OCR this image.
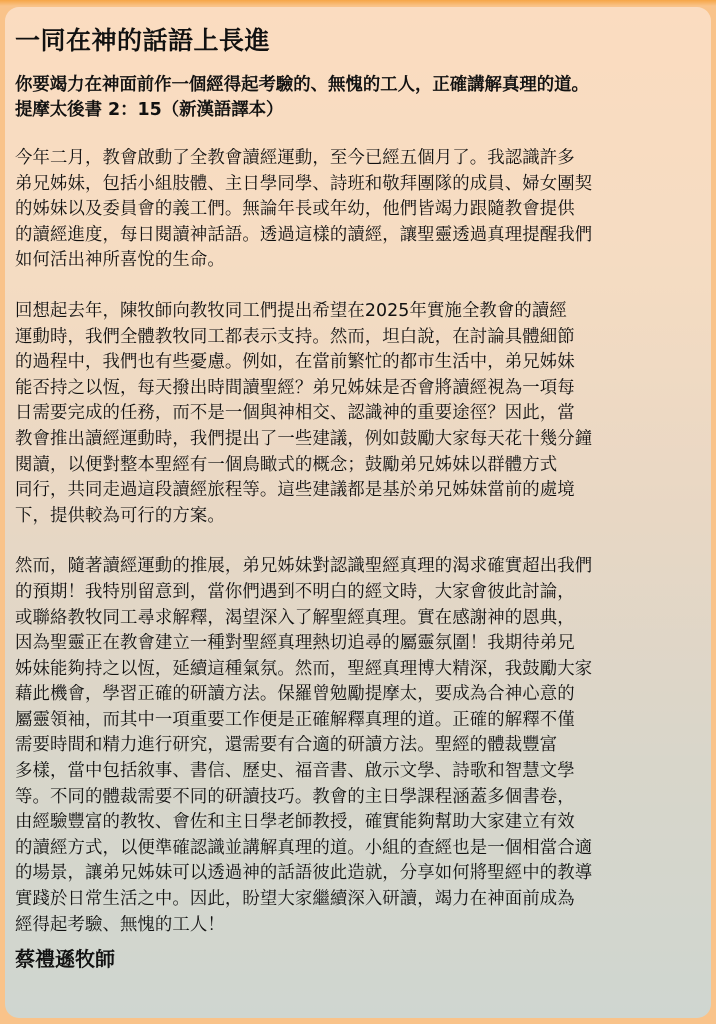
一同在神的話語上長進
你要竭力在神面前作一個經得起考驗的、無愧的工人，正確講解真理的道。
提摩太後書 2：15（新漢語譯本）
今年二月，教會啟動了全教會讀經運動，至今已經五個月了。我認識許多
弟兄姊妹，包括小組肢體、主日學同學、詩班和敬拜團隊的成員、婦女團契
的姊妹以及委員會的義工們。無論年長或年幼，他們皆竭力跟隨教會提供
的讀經進度，每日閱讀神話語。透過這樣的讀經，讓聖靈透過真理提醒我們
如何活出神所喜悅的生命。
回想起去年，陳牧師向教牧同工們提出希望在2025年實施全教會的讀經
運動時，我們全體教牧同工都表示支持。然而，坦白說，在討論具體細節
的過程中，我們也有些憂慮。例如，在當前繁忙的都市生活中，弟兄姊妹
能否持之以恆，每天撥出時間讀聖經？弟兄姊妹是否會將讀經視為一項每
日需要完成的任務，而不是一個與神相交、認識神的重要途徑？因此，當
教會推出讀經運動時，我們提出了一些建議，例如鼓勵大家每天花十幾分鐘
閱讀，以便對整本聖經有一個鳥瞰式的概念；鼓勵弟兄姊妹以群體方式
同行，共同走過這段讀經旅程等。這些建議都是基於弟兄姊妹當前的處境
下，提供較為可行的方案。
然而，隨著讀經運動的推展，弟兄姊妹對認識聖經真理的渴求確實超出我們
的預期！我特別留意到，當你們遇到不明白的經文時，大家會彼此討論，
或聯絡教牧同工尋求解釋，渴望深入了解聖經真理。實在感謝神的恩典，
因為聖靈正在教會建立一種對聖經真理熱切追尋的屬靈氛圍！我期待弟兄
姊妹能夠持之以恆，延續這種氣氛。然而，聖經真理博大精深，我鼓勵大家
藉此機會，學習正確的研讀方法。保羅曾勉勵提摩太，要成為合神心意的
屬靈領袖，而其中一項重要工作便是正確解釋真理的道。正確的解釋不僅
需要時間和精力進行研究，還需要有合適的研讀方法。聖經的體裁豐富
多樣，當中包括敘事、書信、歷史、福音書、啟示文學、詩歌和智慧文學
等。不同的體裁需要不同的研讀技巧。教會的主日學課程涵蓋多個書卷，
由經驗豐富的教牧、會佐和主日學老師教授，確實能夠幫助大家建立有效
的讀經方式，以便準確認識並講解真理的道。小組的查經也是一個相當合適
的場景，讓弟兄姊妹可以透過神的話語彼此造就，分享如何將聖經中的教導
實踐於日常生活之中。因此，盼望大家繼續深入研讀，竭力在神面前成為
經得起考驗、無愧的工人！
蔡禮遜牧師
